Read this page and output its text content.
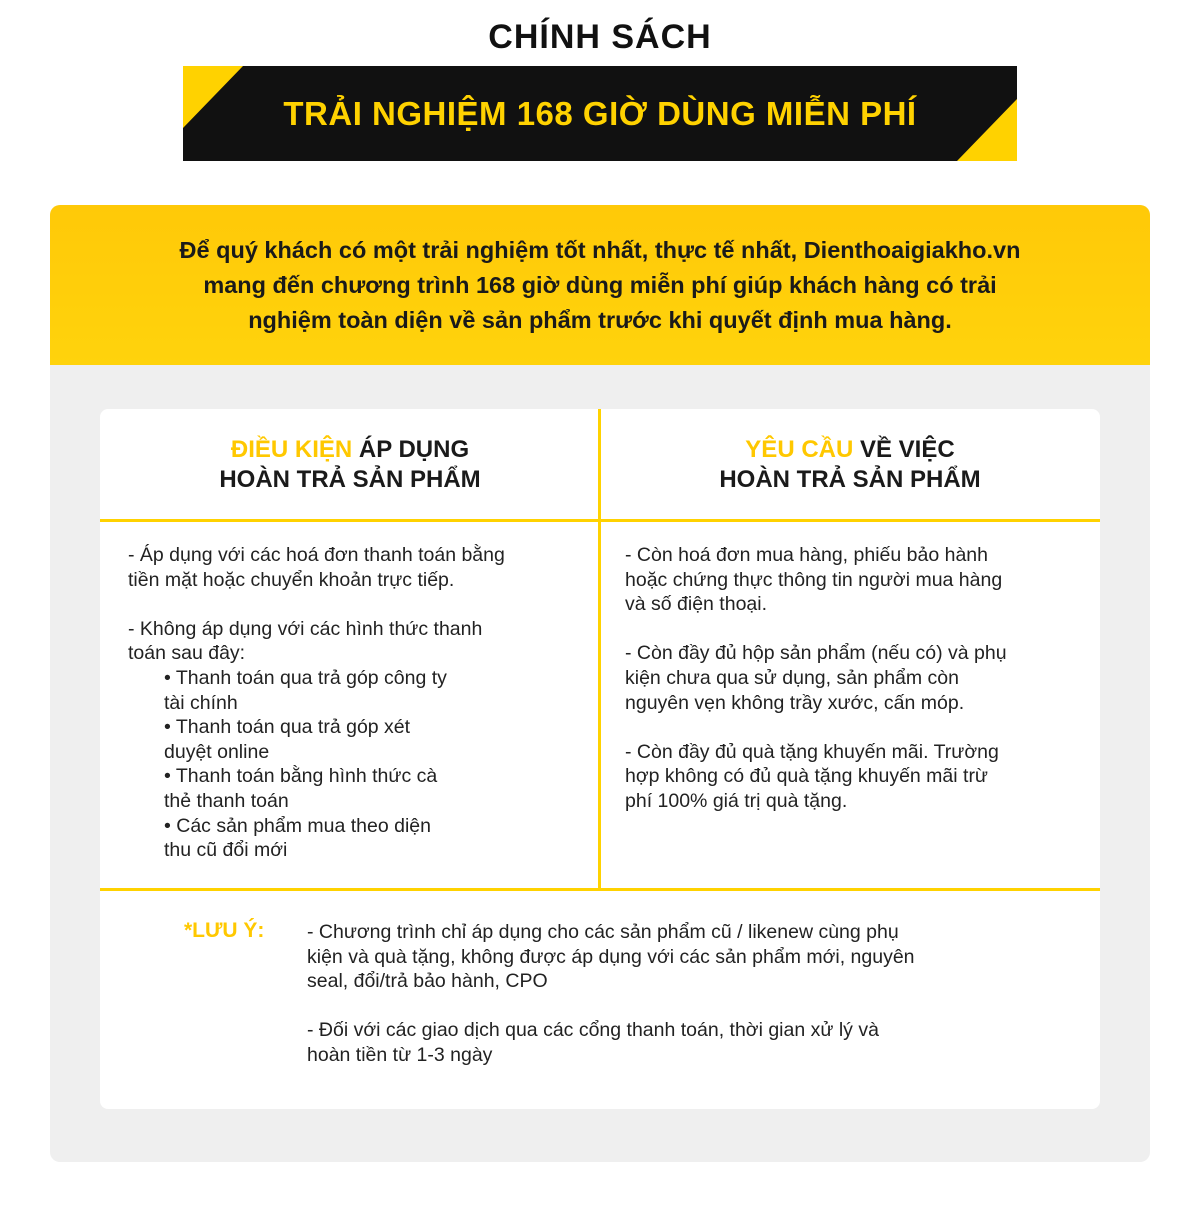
CHÍNH SÁCH
TRẢI NGHIỆM 168 GIỜ DÙNG MIỄN PHÍ
Để quý khách có một trải nghiệm tốt nhất, thực tế nhất, Dienthoaigiakho.vn
mang đến chương trình 168 giờ dùng miễn phí giúp khách hàng có trải
nghiệm toàn diện về sản phẩm trước khi quyết định mua hàng.
ĐIỀU KIỆN ÁP DỤNG
HOÀN TRẢ SẢN PHẨM
YÊU CẦU VỀ VIỆC
HOÀN TRẢ SẢN PHẨM

- Áp dụng với các hoá đơn thanh toán bằng
tiền mặt hoặc chuyển khoản trực tiếp.

- Không áp dụng với các hình thức thanh
toán sau đây:
• Thanh toán qua trả góp công ty
tài chính
• Thanh toán qua trả góp xét
duyệt online
• Thanh toán bằng hình thức cà
thẻ thanh toán
• Các sản phẩm mua theo diện
thu cũ đổi mới

- Còn hoá đơn mua hàng, phiếu bảo hành
hoặc chứng thực thông tin người mua hàng
và số điện thoại.

- Còn đầy đủ hộp sản phẩm (nếu có) và phụ
kiện chưa qua sử dụng, sản phẩm còn
nguyên vẹn không trầy xước, cấn móp.

- Còn đầy đủ quà tặng khuyến mãi. Trường
hợp không có đủ quà tặng khuyến mãi trừ
phí 100% giá trị quà tặng.

*LƯU Ý: - Chương trình chỉ áp dụng cho các sản phẩm cũ / likenew cùng phụ
kiện và quà tặng, không được áp dụng với các sản phẩm mới, nguyên
seal, đổi/trả bảo hành, CPO

- Đối với các giao dịch qua các cổng thanh toán, thời gian xử lý và
hoàn tiền từ 1-3 ngày
